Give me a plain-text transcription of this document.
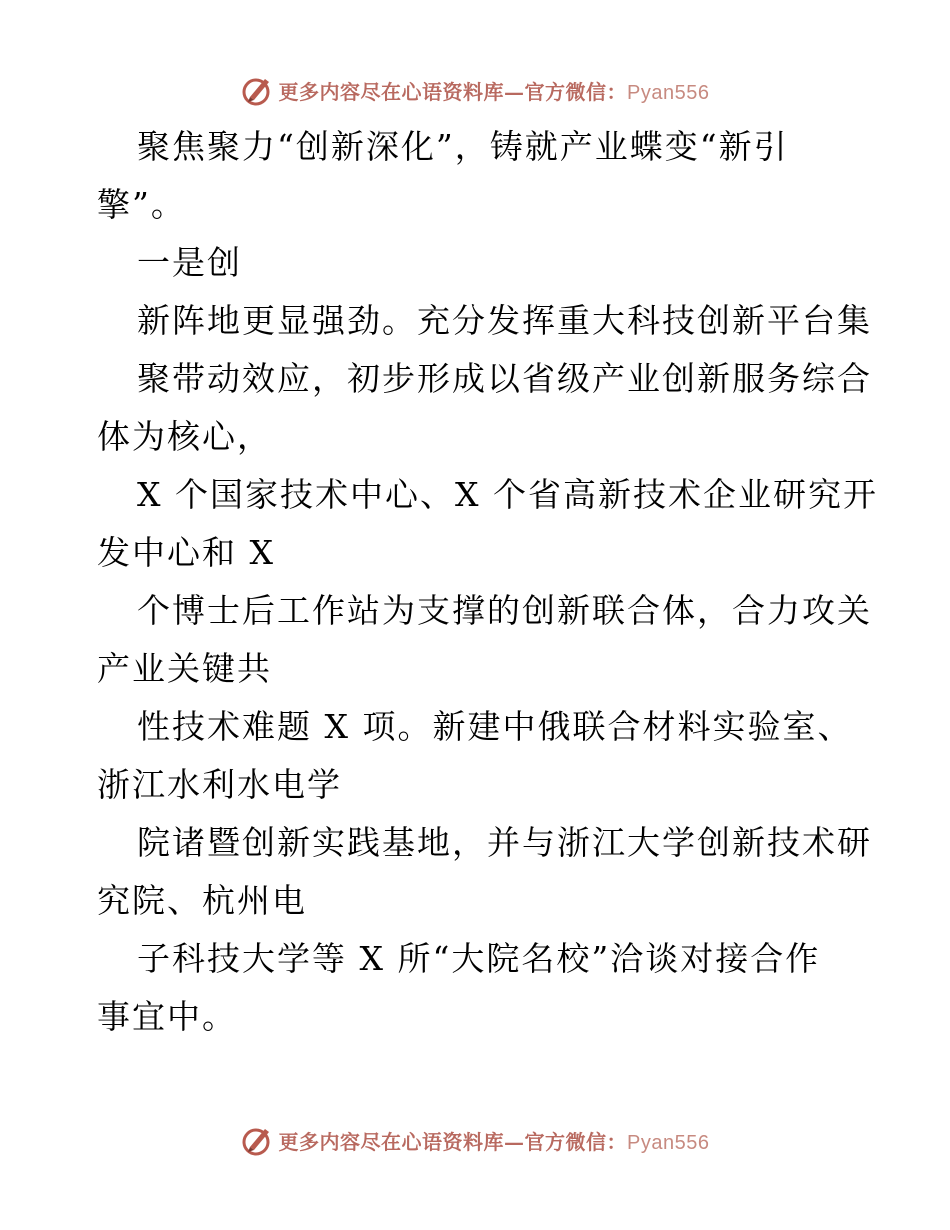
更多内容尽在心语资料库—官方微信：Pyan556
聚焦聚力“创新深化”，铸就产业蝶变“新引
擎”。
一是创
新阵地更显强劲。充分发挥重大科技创新平台集
聚带动效应，初步形成以省级产业创新服务综合
体为核心，
X 个国家技术中心、X 个省高新技术企业研究开
发中心和 X
个博士后工作站为支撑的创新联合体，合力攻关
产业关键共
性技术难题 X 项。新建中俄联合材料实验室、
浙江水利水电学
院诸暨创新实践基地，并与浙江大学创新技术研
究院、杭州电
子科技大学等 X 所“大院名校”洽谈对接合作
事宜中。
更多内容尽在心语资料库—官方微信：Pyan556
